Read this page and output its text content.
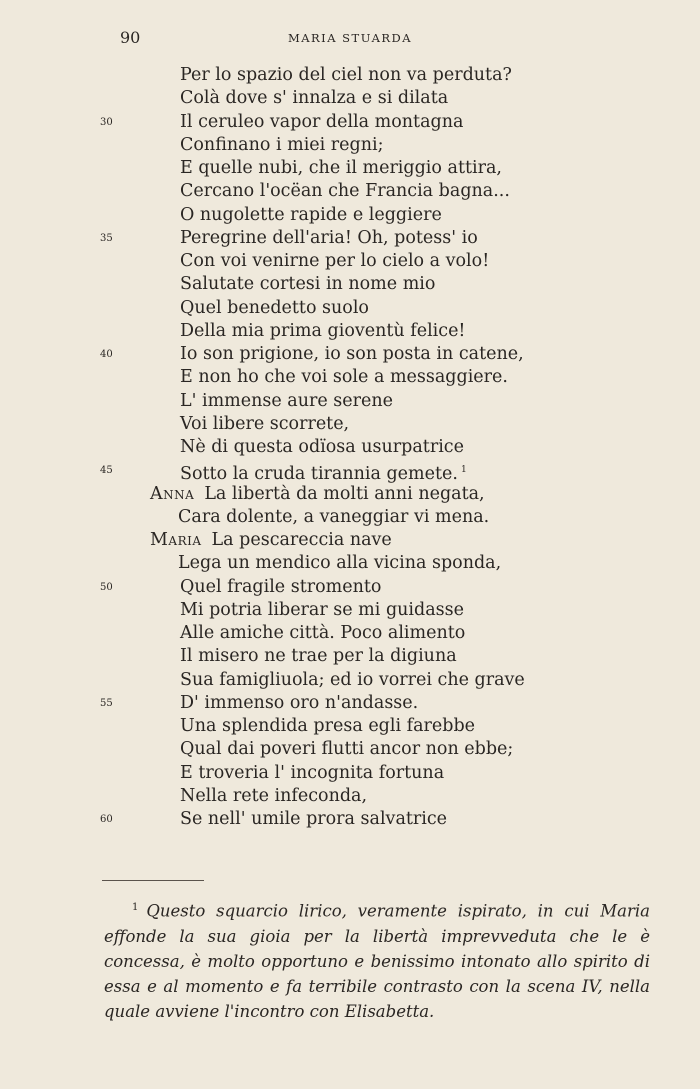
90	MARIA STUARDA
Per lo spazio del ciel non va perduta?
Colà dove s' innalza e si dilata
30	Il ceruleo vapor della montagna
Confinano i miei regni;
E quelle nubi, che il meriggio attira,
Cercano l'ocëan che Francia bagna...
O nugolette rapide e leggiere
35	Peregrine dell'aria! Oh, potess' io
Con voi venirne per lo cielo a volo!
Salutate cortesi in nome mio
Quel benedetto suolo
Della mia prima gioventù felice!
40	Io son prigione, io son posta in catene,
E non ho che voi sole a messaggiere.
L' immense aure serene
Voi libere scorrete,
Nè di questa odïosa usurpatrice
45	Sotto la cruda tirannia gemete. $^1$
Anna La libertà da molti anni negata,
Cara dolente, a vaneggiar vi mena.
Maria La pescareccia nave
Lega un mendico alla vicina sponda,
50	Quel fragile stromento
Mi potria liberar se mi guidasse
Alle amiche città. Poco alimento
Il misero ne trae per la digiuna
Sua famigliuola; ed io vorrei che grave
55	D' immenso oro n'andasse.
Una splendida presa egli farebbe
Qual dai poveri flutti ancor non ebbe;
E troveria l' incognita fortuna
Nella rete infeconda,
60	Se nell' umile prora salvatrice
$^1$ Questo squarcio lirico, veramente ispirato, in cui Maria effonde la sua gioia per la libertà imprevveduta che le è concessa, è molto opportuno e benissimo intonato allo spirito di essa e al momento e fa terribile contrasto con la scena IV, nella quale avviene l'incontro con Elisabetta.
